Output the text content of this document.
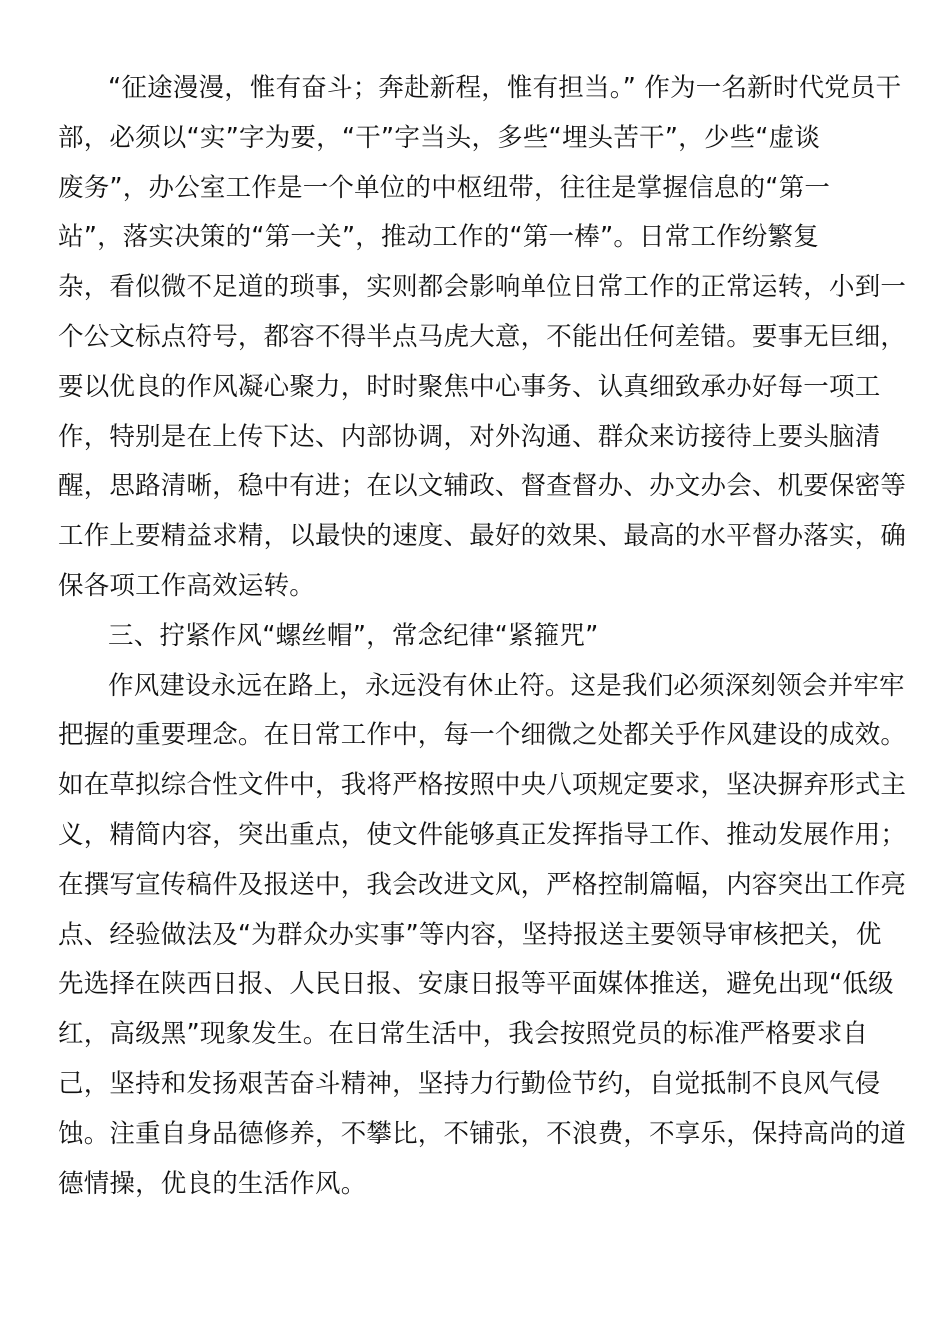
“征途漫漫，惟有奋斗；奔赴新程，惟有担当。” 作为一名新时代党员干
部，必须以“实”字为要，“干”字当头，多些“埋头苦干”，少些“虚谈
废务”，办公室工作是一个单位的中枢纽带，往往是掌握信息的“第一
站”，落实决策的“第一关”，推动工作的“第一棒”。日常工作纷繁复
杂，看似微不足道的琐事，实则都会影响单位日常工作的正常运转，小到一
个公文标点符号，都容不得半点马虎大意，不能出任何差错。要事无巨细，
要以优良的作风凝心聚力，时时聚焦中心事务、认真细致承办好每一项工
作，特别是在上传下达、内部协调，对外沟通、群众来访接待上要头脑清
醒，思路清晰，稳中有进；在以文辅政、督查督办、办文办会、机要保密等
工作上要精益求精，以最快的速度、最好的效果、最高的水平督办落实，确
保各项工作高效运转。
三、拧紧作风“螺丝帽”，常念纪律“紧箍咒”
作风建设永远在路上，永远没有休止符。这是我们必须深刻领会并牢牢
把握的重要理念。在日常工作中，每一个细微之处都关乎作风建设的成效。
如在草拟综合性文件中，我将严格按照中央八项规定要求，坚决摒弃形式主
义，精简内容，突出重点，使文件能够真正发挥指导工作、推动发展作用；
在撰写宣传稿件及报送中，我会改进文风，严格控制篇幅，内容突出工作亮
点、经验做法及“为群众办实事”等内容，坚持报送主要领导审核把关，优
先选择在陕西日报、人民日报、安康日报等平面媒体推送，避免出现“低级
红，高级黑”现象发生。在日常生活中，我会按照党员的标准严格要求自
己，坚持和发扬艰苦奋斗精神，坚持力行勤俭节约，自觉抵制不良风气侵
蚀。注重自身品德修养，不攀比，不铺张，不浪费，不享乐，保持高尚的道
德情操，优良的生活作风。
